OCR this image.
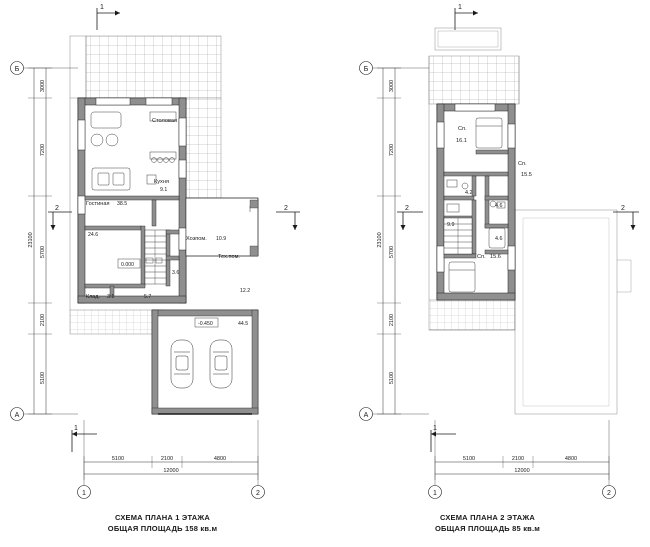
1
2	2
1
Б
А
1	2
3000
7200
5700
2100
5100
23100
5100	2100	4800
12000
Столовая
Кухня
9.1
Гостиная 38.5
24.6
Хозпом. 10.9
0.000
3.6
Тех.пом.
12.2
Клад. 3.1	5.7
-0.450	44.5
СХЕМА ПЛАНА 1 ЭТАЖА
ОБЩАЯ ПЛОЩАДЬ 158 кв.м
1
2	2
1
Б
А
1	2
3000
7200
5700
2100
5100
23100
5100	2100	4800
12000
Сп.
16.1
Сп.
15.5
4.2
9.9
4.6
4.6
Сп. 15.6
СХЕМА ПЛАНА 2 ЭТАЖА
ОБЩАЯ ПЛОЩАДЬ 85 кв.м
